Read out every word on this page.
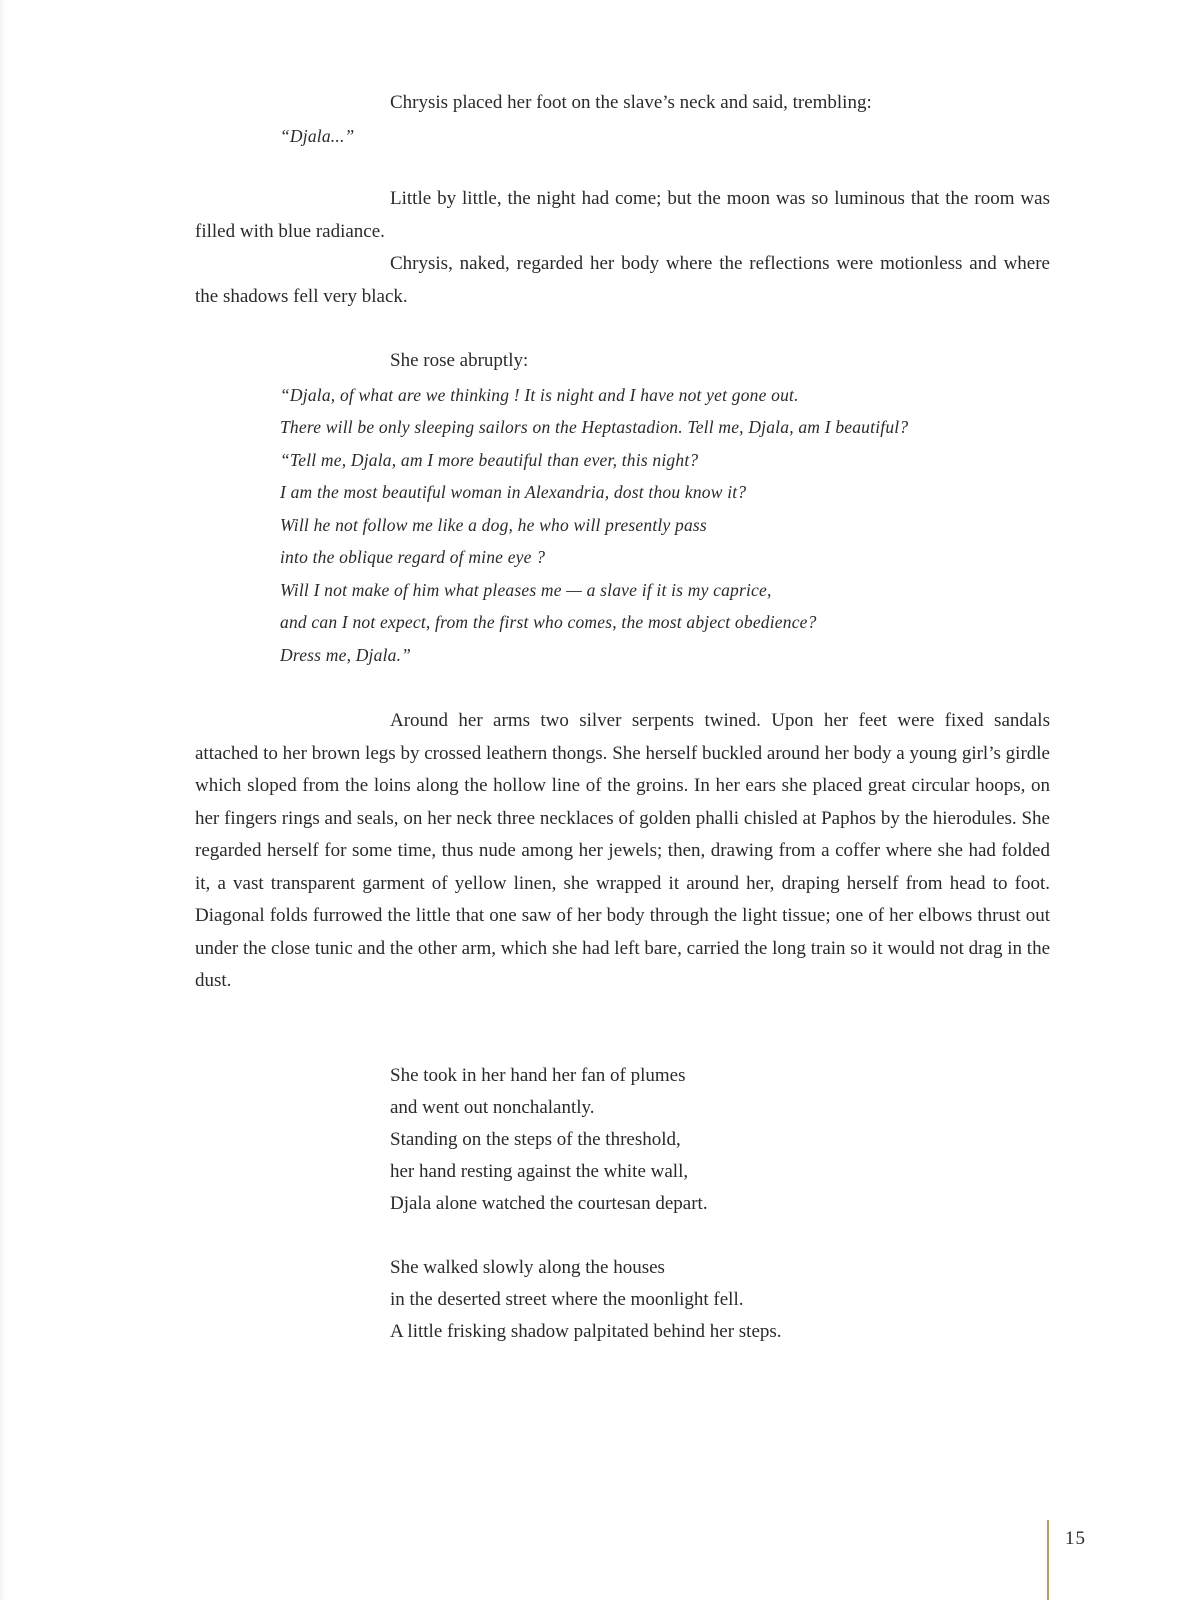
Chrysis placed her foot on the slave’s neck and said, trembling:
“Djala...”
Little by little, the night had come; but the moon was so luminous that the room was filled with blue radiance.
Chrysis, naked, regarded her body where the reflections were motionless and where the shadows fell very black.
She rose abruptly:
“Djala, of what are we thinking ! It is night and I have not yet gone out.
There will be only sleeping sailors on the Heptastadion. Tell me, Djala, am I beautiful?
“Tell me, Djala, am I more beautiful than ever, this night?
I am the most beautiful woman in Alexandria, dost thou know it?
Will he not follow me like a dog, he who will presently pass
into the oblique regard of mine eye ?
Will I not make of him what pleases me — a slave if it is my caprice,
and can I not expect, from the first who comes, the most abject obedience?
Dress me, Djala.”
Around her arms two silver serpents twined. Upon her feet were fixed sandals attached to her brown legs by crossed leathern thongs. She herself buckled around her body a young girl’s girdle which sloped from the loins along the hollow line of the groins. In her ears she placed great circular hoops, on her fingers rings and seals, on her neck three necklaces of golden phalli chisled at Paphos by the hierodules. She regarded herself for some time, thus nude among her jewels; then, drawing from a coffer where she had folded it, a vast transparent garment of yellow linen, she wrapped it around her, draping herself from head to foot. Diagonal folds furrowed the little that one saw of her body through the light tissue; one of her elbows thrust out under the close tunic and the other arm, which she had left bare, carried the long train so it would not drag in the dust.
She took in her hand her fan of plumes
and went out nonchalantly.
Standing on the steps of the threshold,
her hand resting against the white wall,
Djala alone watched the courtesan depart.
She walked slowly along the houses
in the deserted street where the moonlight fell.
A little frisking shadow palpitated behind her steps.
15
